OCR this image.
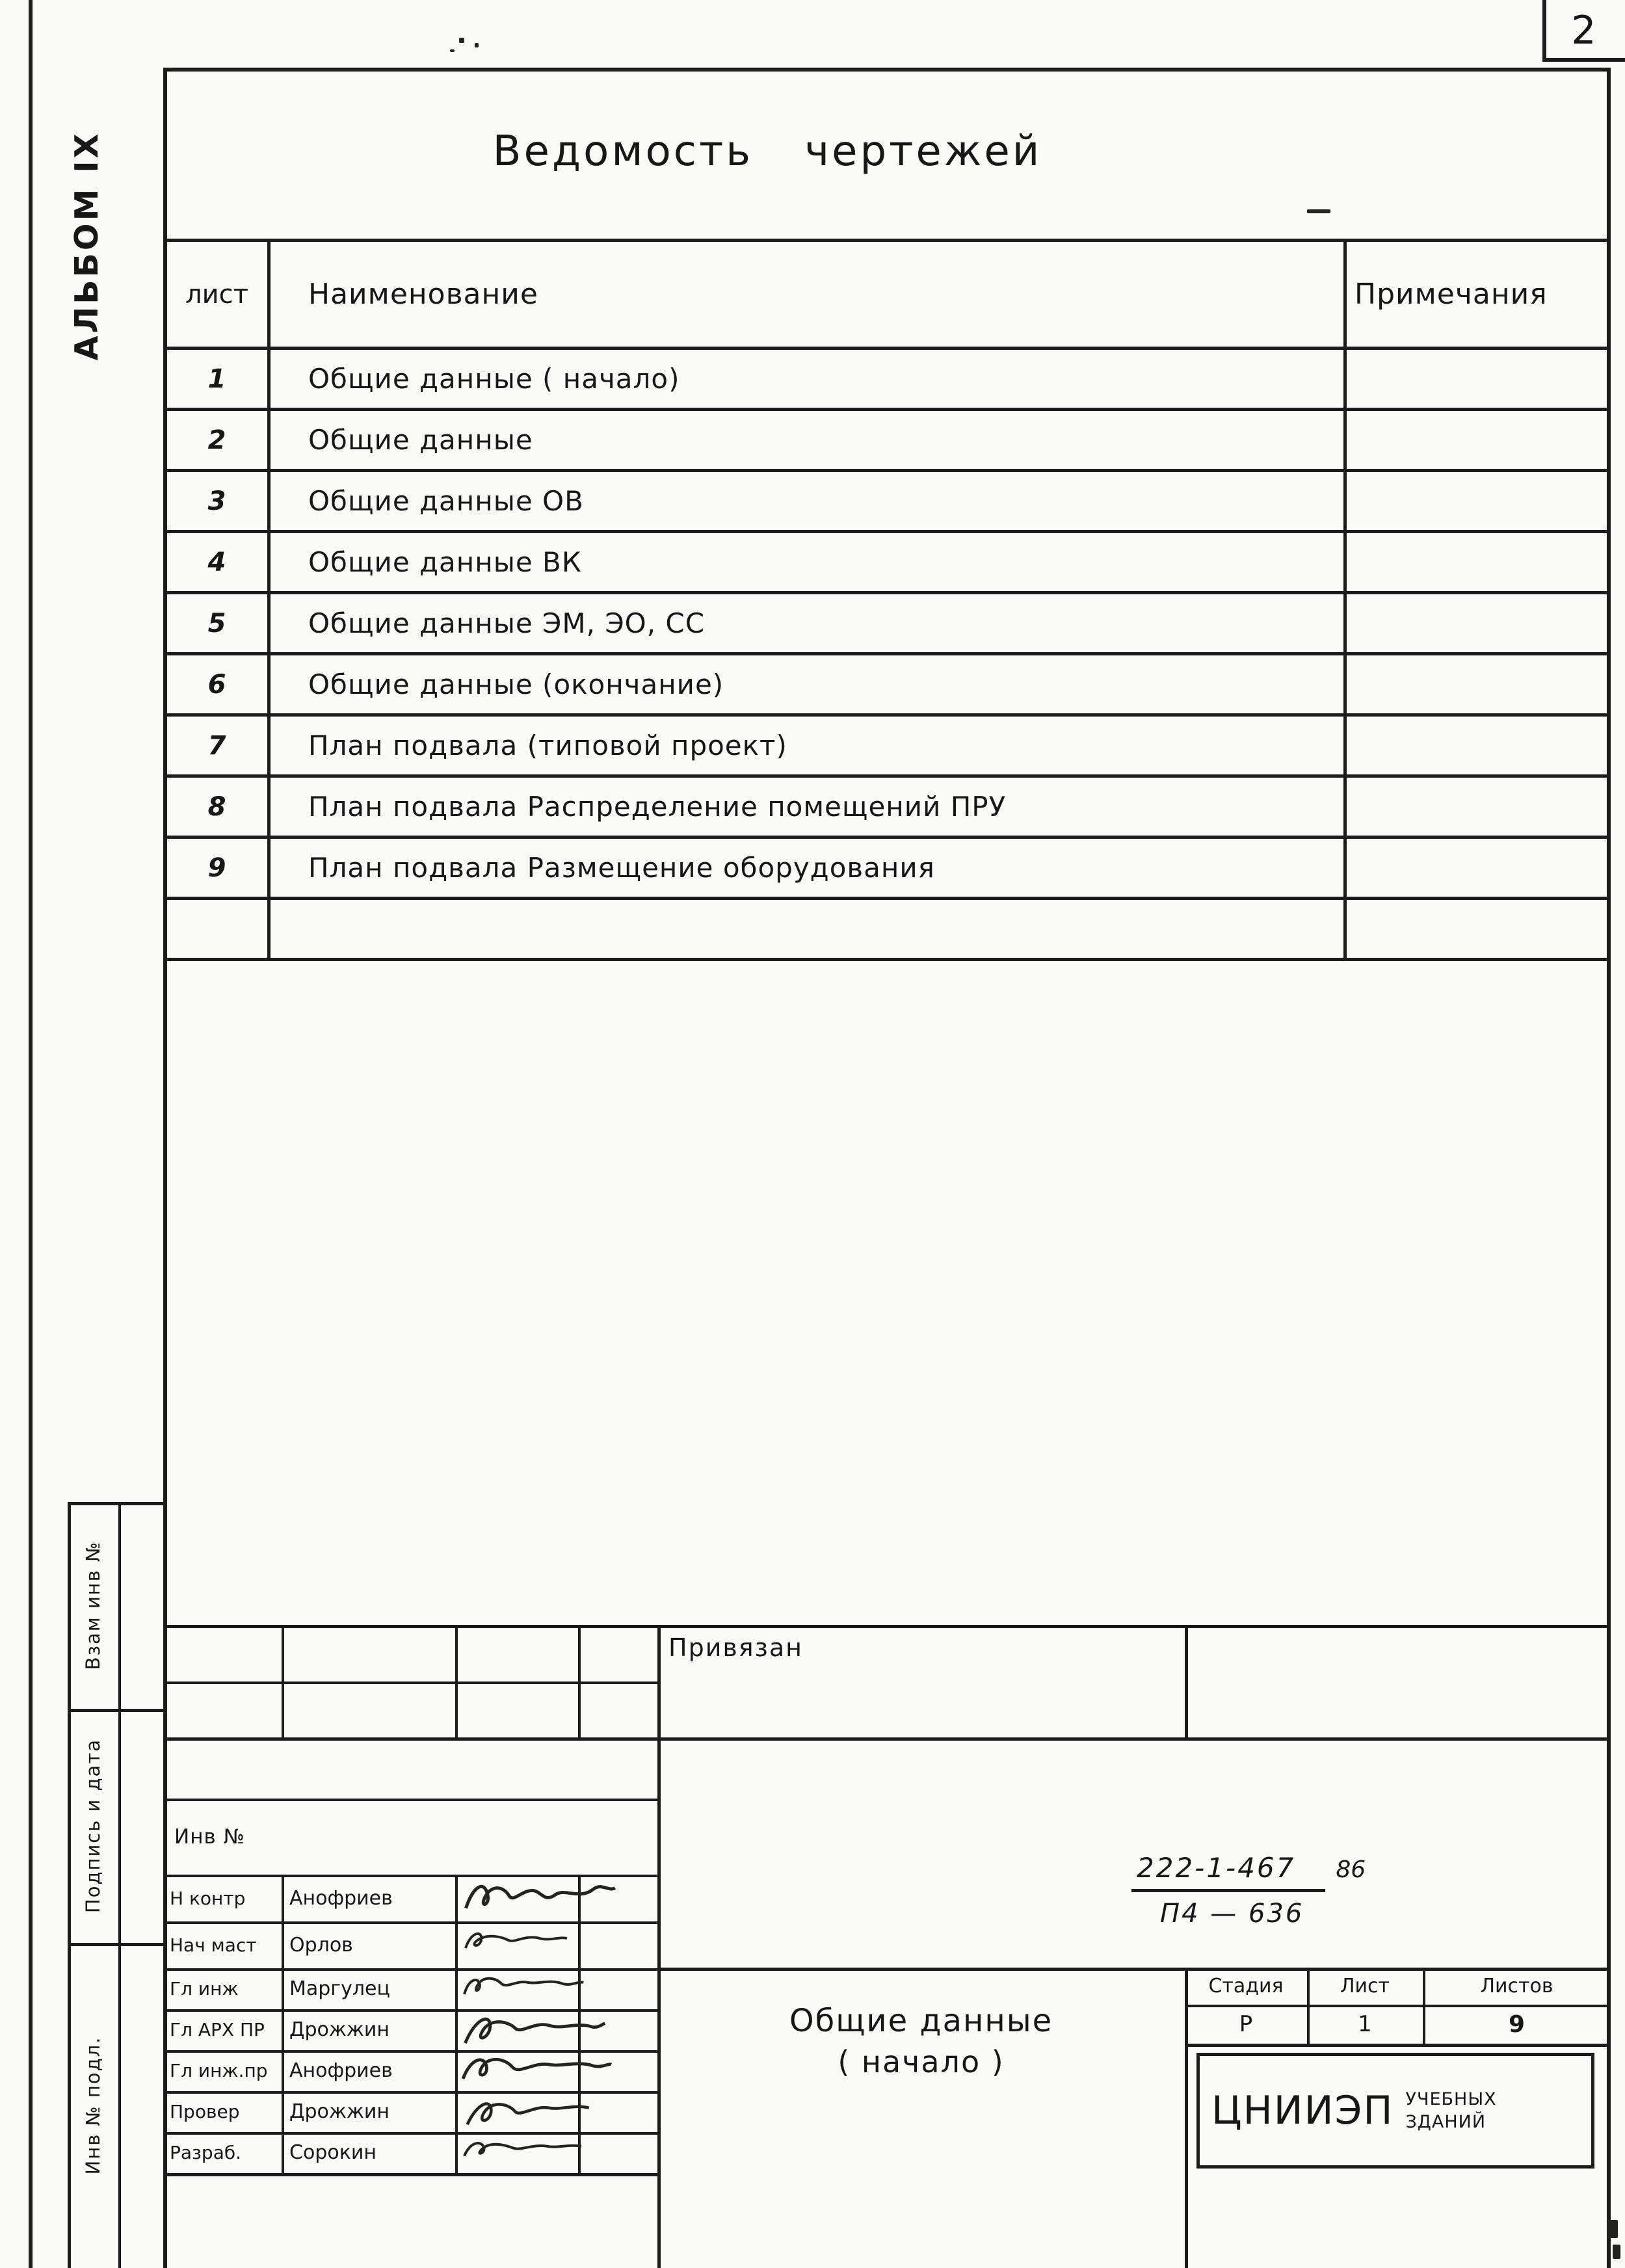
АЛЬБОМ IX
2
Ведомость чертежей
лист	Наименование	Примечания
1	Общие данные ( начало)	
2	Общие данные	
3	Общие данные ОВ	
4	Общие данные ВК	
5	Общие данные ЭМ, ЭО, СС	
6	Общие данные (окончание)	
7	План подвала (типовой проект)	
8	План подвала Распределение помещений ПРУ	
9	План подвала Размещение оборудования	

Взам инв №
Подпись и дата
Инв № подл.
Привязан
Инв №
222-1-467	86
П4 — 636
Н контр	Анофриев
Нач маст	Орлов
Гл инж	Маргулец
Гл АРХ ПР	Дрожжин
Гл инж.пр	Анофриев
Провер	Дрожжин
Разраб.	Сорокин
Общие данные
( начало )
Стадия	Лист	Листов
Р	1	9
ЦНИИЭП УЧЕБНЫХ
ЗДАНИЙ
